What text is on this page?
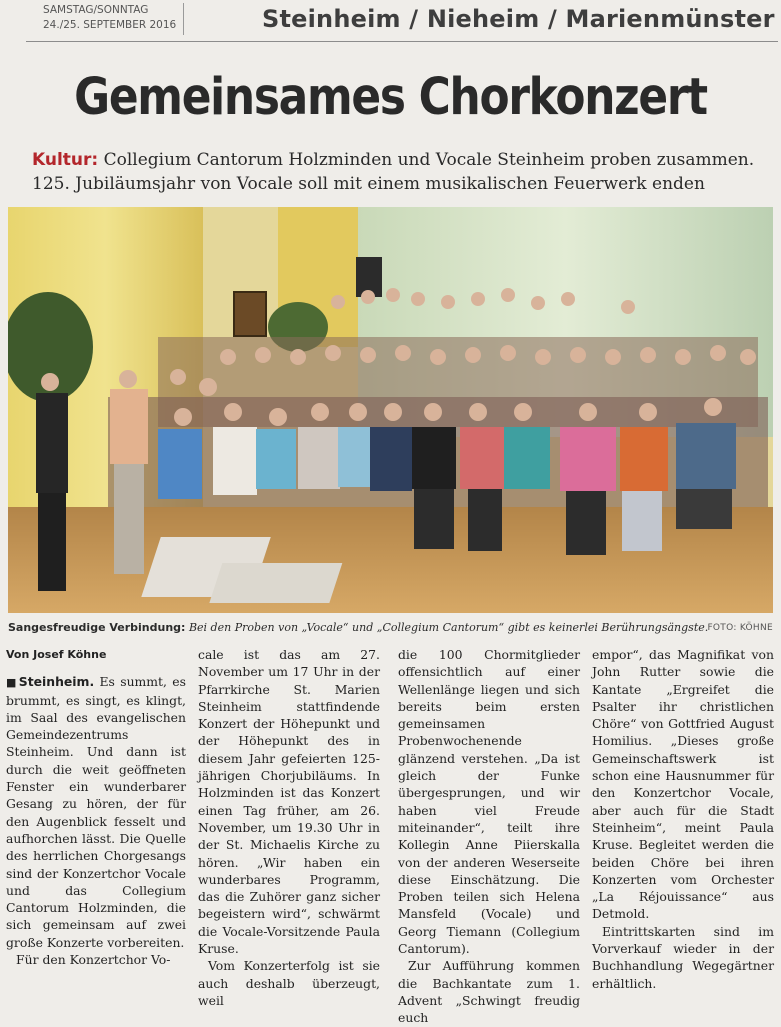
SAMSTAG/SONNTAG
24./25. SEPTEMBER 2016	Steinheim / Nieheim / Marienmünster
Gemeinsames Chorkonzert
Kultur: Collegium Cantorum Holzminden und Vocale Steinheim proben zusammen.
125. Jubiläumsjahr von Vocale soll mit einem musikalischen Feuerwerk enden
Sangesfreudige Verbindung: Bei den Proben von „Vocale“ und „Collegium Cantorum“ gibt es keinerlei Berührungsängste. FOTO: KÖHNE

Von Josef Köhne

■ Steinheim. Es summt, es brummt, es singt, es klingt, im Saal des evangelischen Gemeindezentrums Steinheim. Und dann ist durch die weit geöffneten Fenster ein wunderbarer Gesang zu hören, der für den Augenblick fesselt und aufhorchen lässt. Die Quelle des herrlichen Chorgesangs sind der Konzertchor Vocale und das Collegium Cantorum Holzminden, die sich gemeinsam auf zwei große Konzerte vorbereiten.

Für den Konzertchor Vo-

cale ist das am 27. November um 17 Uhr in der Pfarrkirche St. Marien Steinheim stattfindende Konzert der Höhepunkt und der Höhepunkt des in diesem Jahr gefeierten 125-jährigen Chorjubiläums. In Holzminden ist das Konzert einen Tag früher, am 26. November, um 19.30 Uhr in der St. Michaelis Kirche zu hören. „Wir haben ein wunderbares Programm, das die Zuhörer ganz sicher begeistern wird“, schwärmt die Vocale-Vorsitzende Paula Kruse.

Vom Konzerterfolg ist sie auch deshalb überzeugt, weil

die 100 Chormitglieder offensichtlich auf einer Wellenlänge liegen und sich bereits beim ersten gemeinsamen Probenwochenende glänzend verstehen. „Da ist gleich der Funke übergesprungen, und wir haben viel Freude miteinander“, teilt ihre Kollegin Anne Piierskalla von der anderen Weserseite diese Einschätzung. Die Proben teilen sich Helena Mansfeld (Vocale) und Georg Tiemann (Collegium Cantorum).

Zur Aufführung kommen die Bachkantate zum 1. Advent „Schwingt freudig euch

empor“, das Magnifikat von John Rutter sowie die Kantate „Ergreifet die Psalter ihr christlichen Chöre“ von Gottfried August Homilius. „Dieses große Gemeinschaftswerk ist schon eine Hausnummer für den Konzertchor Vocale, aber auch für die Stadt Steinheim“, meint Paula Kruse. Begleitet werden die beiden Chöre bei ihren Konzerten vom Orchester „La Réjouissance“ aus Detmold.

Eintrittskarten sind im Vorverkauf wieder in der Buchhandlung Wegegärtner erhältlich.
